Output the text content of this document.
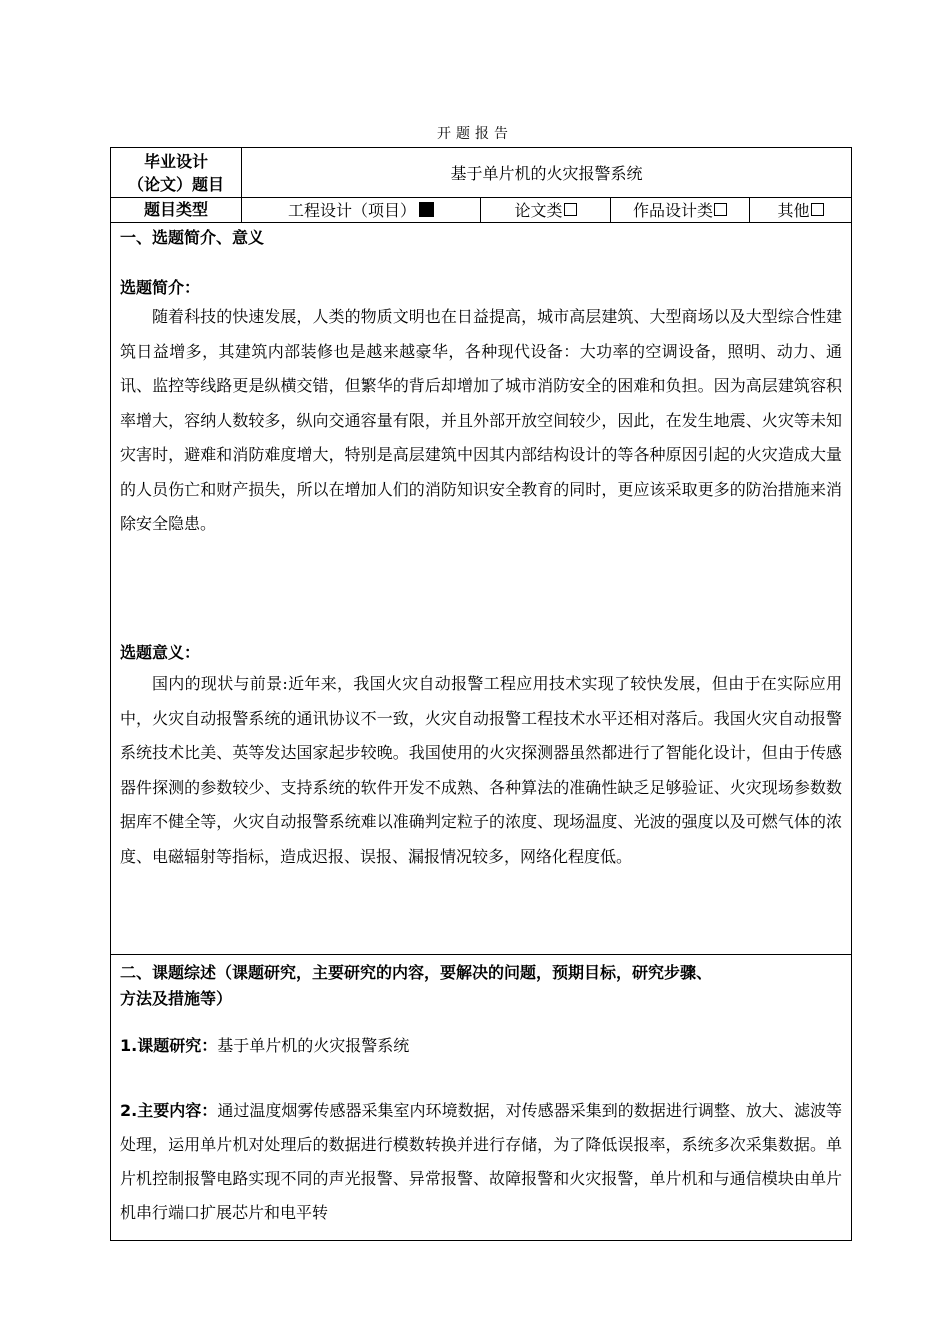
开题报告
毕业设计
（论文）题目
基于单片机的火灾报警系统
题目类型	工程设计（项目）	论文类	作品设计类	其他
一、选题简介、意义
选题简介：

随着科技的快速发展，人类的物质文明也在日益提高，城市高层建筑、大型商场以及大型综合性建筑日益增多，其建筑内部装修也是越来越豪华，各种现代设备：大功率的空调设备，照明、动力、通讯、监控等线路更是纵横交错，但繁华的背后却增加了城市消防安全的困难和负担。因为高层建筑容积率增大，容纳人数较多，纵向交通容量有限，并且外部开放空间较少，因此，在发生地震、火灾等未知灾害时，避难和消防难度增大，特别是高层建筑中因其内部结构设计的等各种原因引起的火灾造成大量的人员伤亡和财产损失，所以在增加人们的消防知识安全教育的同时，更应该采取更多的防治措施来消除安全隐患。

选题意义：

国内的现状与前景:近年来，我国火灾自动报警工程应用技术实现了较快发展，但由于在实际应用中，火灾自动报警系统的通讯协议不一致，火灾自动报警工程技术水平还相对落后。我国火灾自动报警系统技术比美、英等发达国家起步较晚。我国使用的火灾探测器虽然都进行了智能化设计，但由于传感器件探测的参数较少、支持系统的软件开发不成熟、各种算法的准确性缺乏足够验证、火灾现场参数数据库不健全等，火灾自动报警系统难以准确判定粒子的浓度、现场温度、光波的强度以及可燃气体的浓度、电磁辐射等指标，造成迟报、误报、漏报情况较多，网络化程度低。

二、课题综述（课题研究，主要研究的内容，要解决的问题，预期目标，研究步骤、
方法及措施等）
1.课题研究：基于单片机的火灾报警系统

2.主要内容：通过温度烟雾传感器采集室内环境数据，对传感器采集到的数据进行调整、放大、滤波等处理，运用单片机对处理后的数据进行模数转换并进行存储，为了降低误报率，系统多次采集数据。单片机控制报警电路实现不同的声光报警、异常报警、故障报警和火灾报警，单片机和与通信模块由单片机串行端口扩展芯片和电平转
